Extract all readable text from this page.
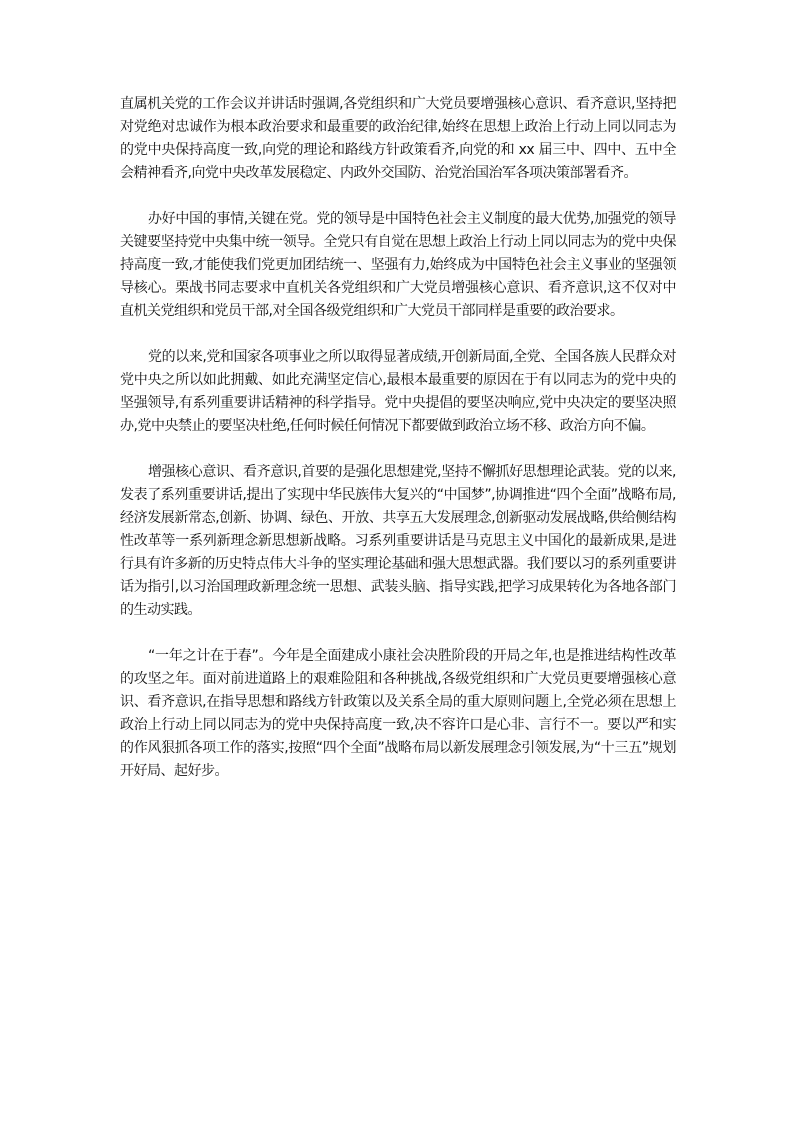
直属机关党的工作会议并讲话时强调,各党组织和广大党员要增强核心意识、看齐意识,坚持把对党绝对忠诚作为根本政治要求和最重要的政治纪律,始终在思想上政治上行动上同以同志为的党中央保持高度一致,向党的理论和路线方针政策看齐,向党的和 xx 届三中、四中、五中全会精神看齐,向党中央改革发展稳定、内政外交国防、治党治国治军各项决策部署看齐。

办好中国的事情,关键在党。党的领导是中国特色社会主义制度的最大优势,加强党的领导关键要坚持党中央集中统一领导。全党只有自觉在思想上政治上行动上同以同志为的党中央保持高度一致,才能使我们党更加团结统一、坚强有力,始终成为中国特色社会主义事业的坚强领导核心。栗战书同志要求中直机关各党组织和广大党员增强核心意识、看齐意识,这不仅对中直机关党组织和党员干部,对全国各级党组织和广大党员干部同样是重要的政治要求。

党的以来,党和国家各项事业之所以取得显著成绩,开创新局面,全党、全国各族人民群众对党中央之所以如此拥戴、如此充满坚定信心,最根本最重要的原因在于有以同志为的党中央的坚强领导,有系列重要讲话精神的科学指导。党中央提倡的要坚决响应,党中央决定的要坚决照办,党中央禁止的要坚决杜绝,任何时候任何情况下都要做到政治立场不移、政治方向不偏。

增强核心意识、看齐意识,首要的是强化思想建党,坚持不懈抓好思想理论武装。党的以来,发表了系列重要讲话,提出了实现中华民族伟大复兴的“中国梦”,协调推进“四个全面”战略布局,经济发展新常态,创新、协调、绿色、开放、共享五大发展理念,创新驱动发展战略,供给侧结构性改革等一系列新理念新思想新战略。习系列重要讲话是马克思主义中国化的最新成果,是进行具有许多新的历史特点伟大斗争的坚实理论基础和强大思想武器。我们要以习的系列重要讲话为指引,以习治国理政新理念统一思想、武装头脑、指导实践,把学习成果转化为各地各部门的生动实践。

“一年之计在于春”。今年是全面建成小康社会决胜阶段的开局之年,也是推进结构性改革的攻坚之年。面对前进道路上的艰难险阻和各种挑战,各级党组织和广大党员更要增强核心意识、看齐意识,在指导思想和路线方针政策以及关系全局的重大原则问题上,全党必须在思想上政治上行动上同以同志为的党中央保持高度一致,决不容许口是心非、言行不一。要以严和实的作风狠抓各项工作的落实,按照“四个全面”战略布局以新发展理念引领发展,为“十三五”规划开好局、起好步。
